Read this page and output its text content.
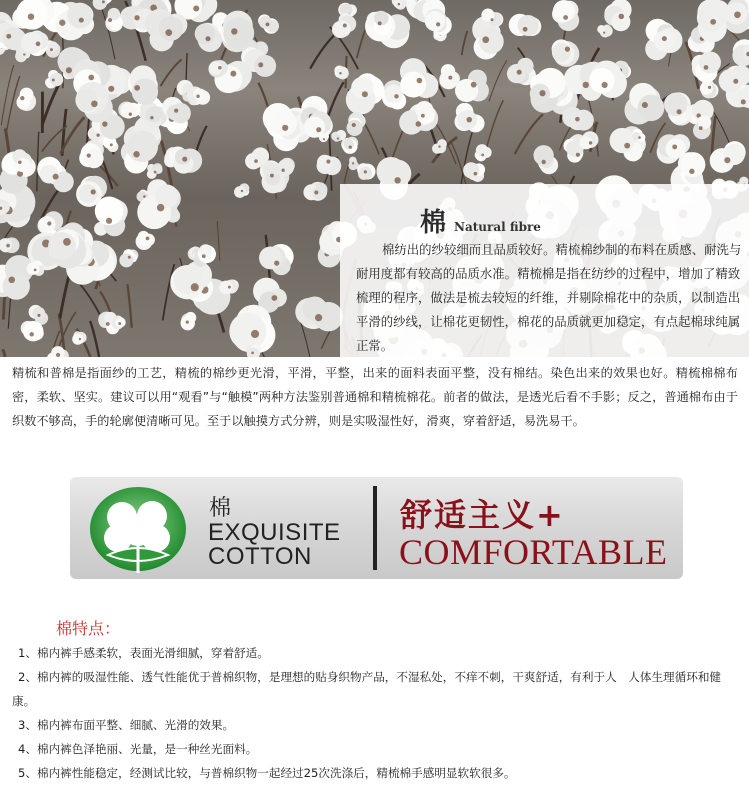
棉 Natural fibre

棉纺出的纱较细而且品质较好。精梳棉纱制的布料在质感、耐洗与耐用度都有较高的品质水准。精梳棉是指在纺纱的过程中，增加了精致梳理的程序，做法是梳去较短的纤维，并剔除棉花中的杂质，以制造出平滑的纱线，让棉花更韧性，棉花的品质就更加稳定，有点起棉球纯属正常。

精梳和普棉是指面纱的工艺，精梳的棉纱更光滑，平滑，平整，出来的面料表面平整，没有棉结。染色出来的效果也好。精梳棉棉布密，柔软、坚实。建议可以用“观看”与“触模”两种方法鉴别普通棉和精梳棉花。前者的做法，是透光后看不手影；反之，普通棉布由于织数不够高，手的轮廓便清晰可见。至于以触摸方式分辨，则是实吸湿性好，滑爽，穿着舒适，易洗易干。

棉
EXQUISITE
COTTON
舒适主义+
COMFORTABLE
棉特点：
1、棉内裤手感柔软，表面光滑细腻，穿着舒适。
2、棉内裤的吸湿性能、透气性能优于普棉织物，是理想的贴身织物产品，不湿私处，不痒不刺，干爽舒适，有利于人　人体生理循环和健康。
3、棉内裤布面平整、细腻、光滑的效果。
4、棉内裤色泽艳丽、光量，是一种丝光面料。
5、棉内裤性能稳定，经测试比较，与普棉织物一起经过25次洗涤后，精梳棉手感明显软软很多。
